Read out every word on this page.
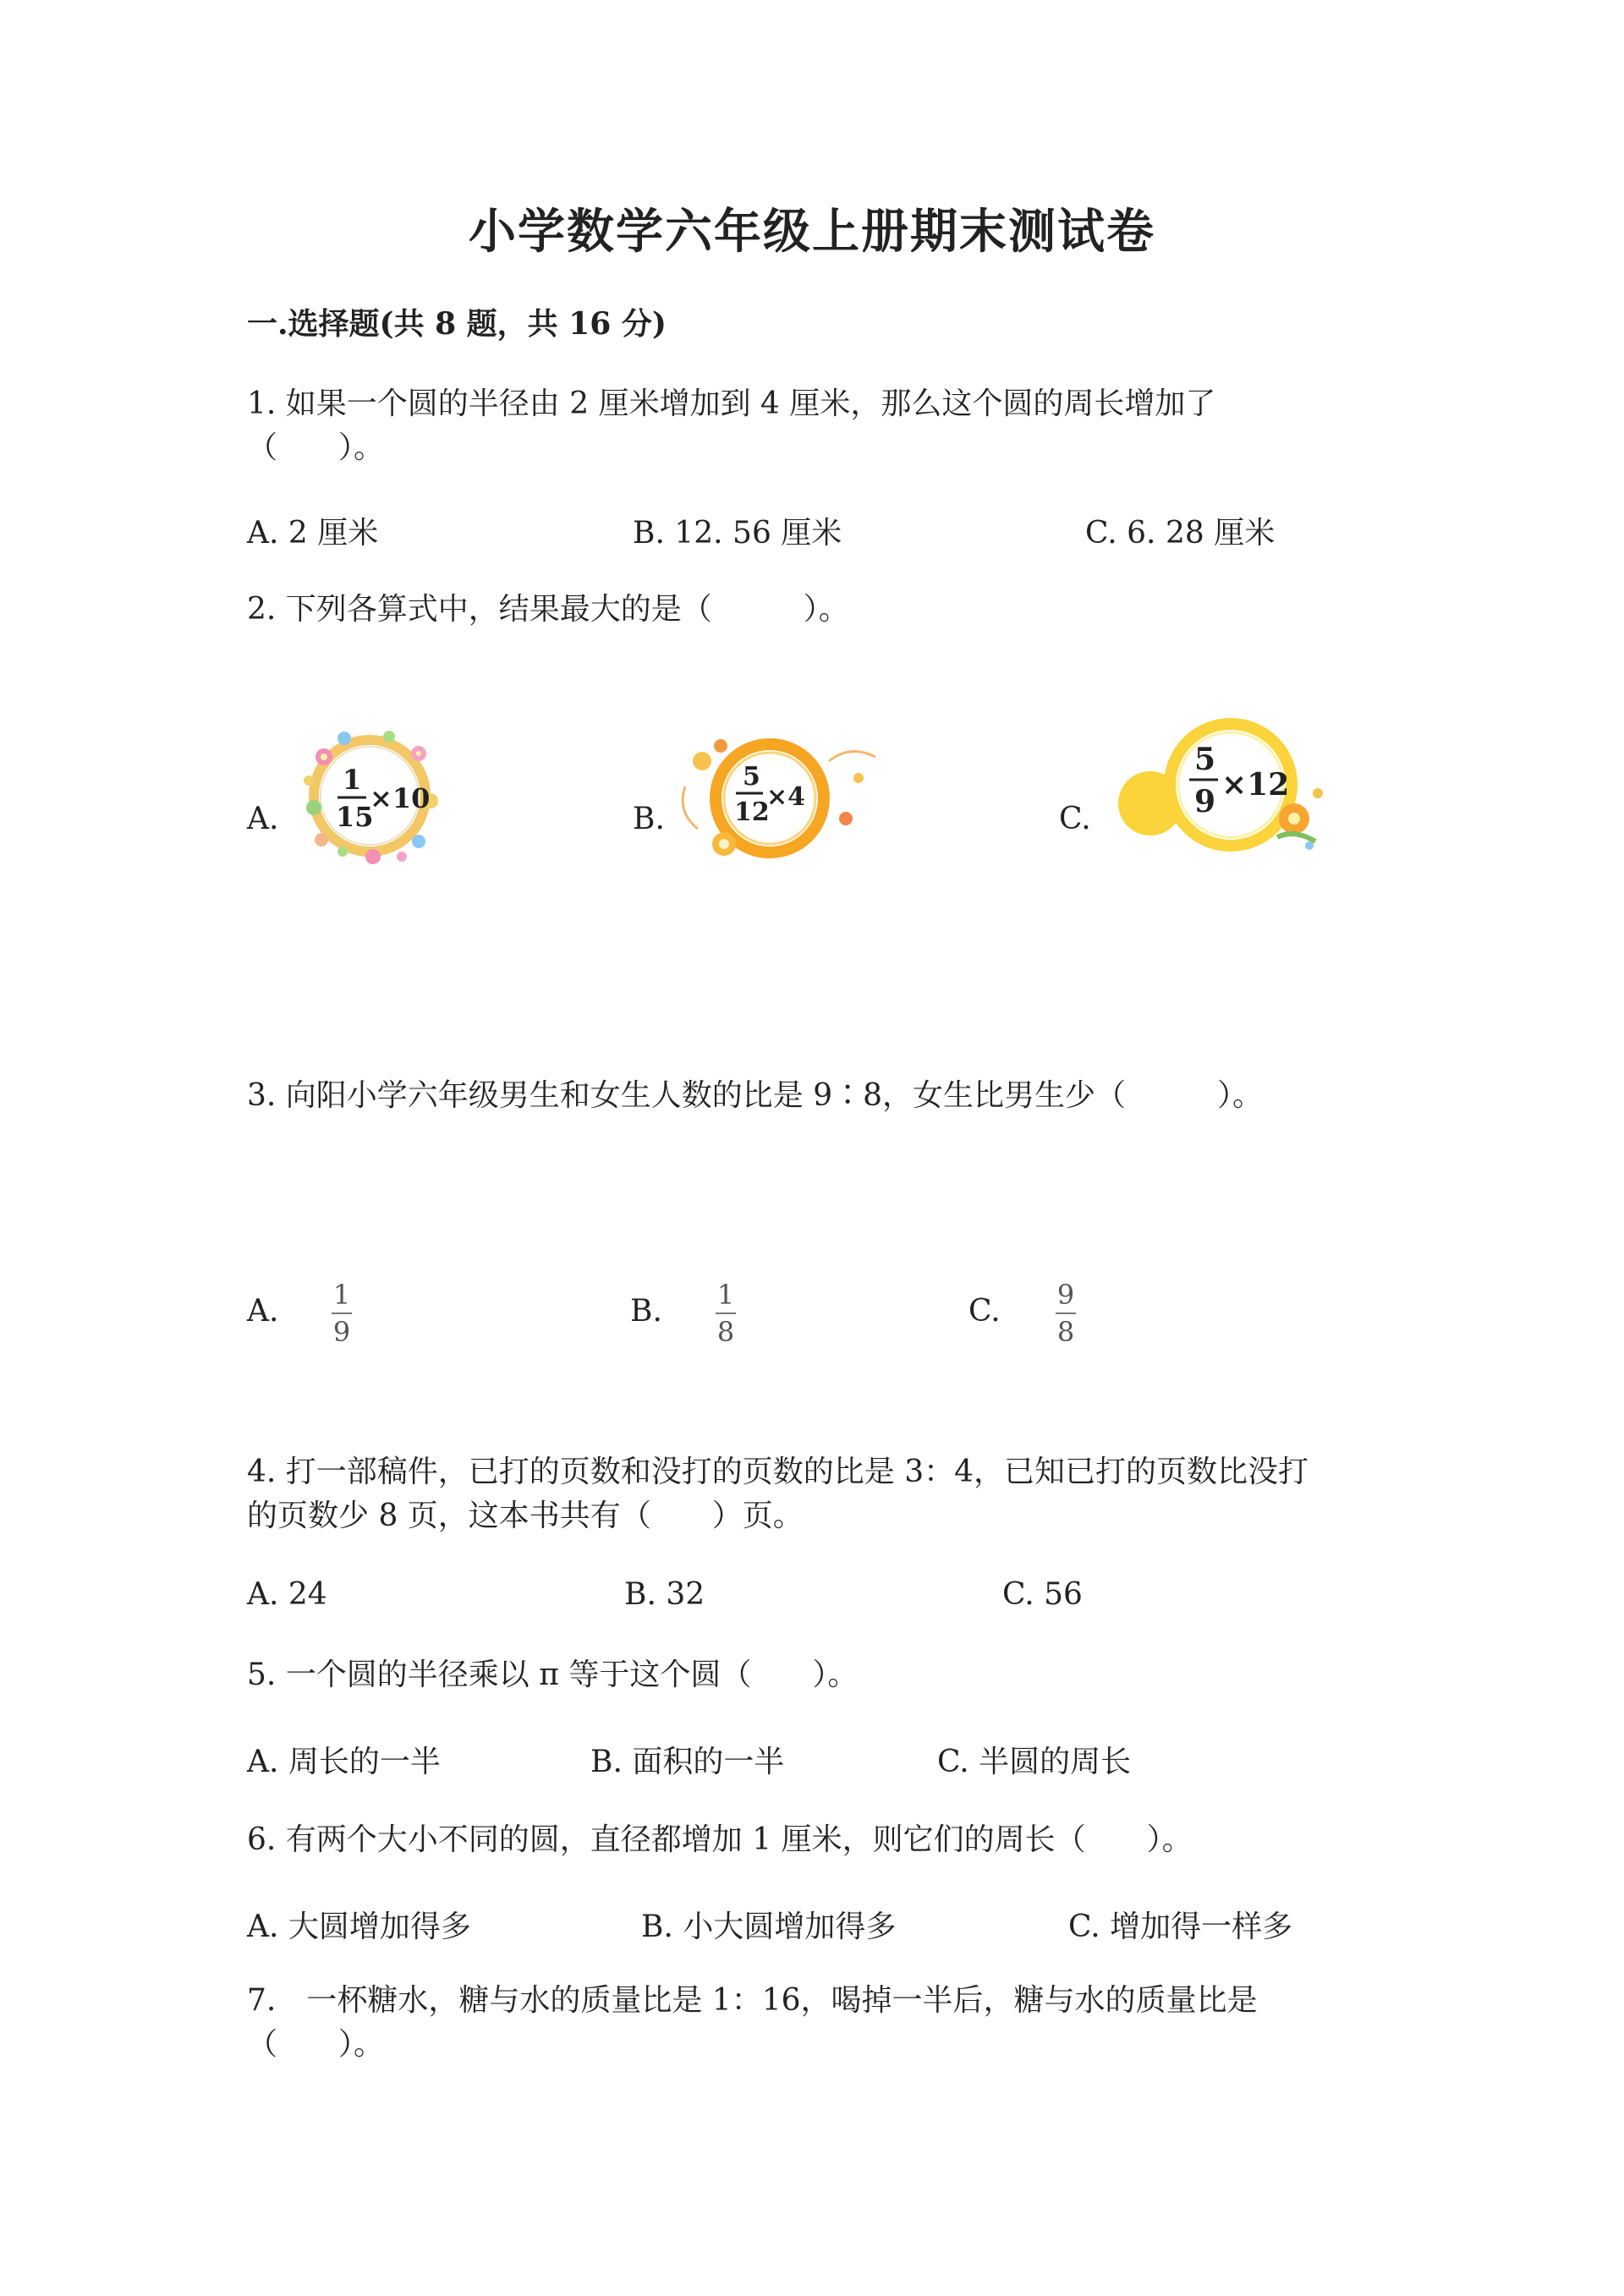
小学数学六年级上册期末测试卷
一.选择题(共 8 题，共 16 分)
1. 如果一个圆的半径由 2 厘米增加到 4 厘米，那么这个圆的周长增加了
（　　）。
A. 2 厘米	B. 12. 56 厘米	C. 6. 28 厘米
2. 下列各算式中，结果最大的是（　　　）。
A.
1
15
×10
B.
5
12
×4
C.
5
9 ×12
3. 向阳小学六年级男生和女生人数的比是 9∶8，女生比男生少（　　　）。
A. 1
9
B. 1
8
C. 9
8
4. 打一部稿件，已打的页数和没打的页数的比是 3：4，已知已打的页数比没打
的页数少 8 页，这本书共有（　　）页。
A. 24	B. 32	C. 56
5. 一个圆的半径乘以 π 等于这个圆（　　）。
A. 周长的一半	B. 面积的一半	C. 半圆的周长
6. 有两个大小不同的圆，直径都增加 1 厘米，则它们的周长（　　）。
A. 大圆增加得多	B. 小大圆增加得多	C. 增加得一样多
7.　一杯糖水，糖与水的质量比是 1：16，喝掉一半后，糖与水的质量比是
（　　）。
